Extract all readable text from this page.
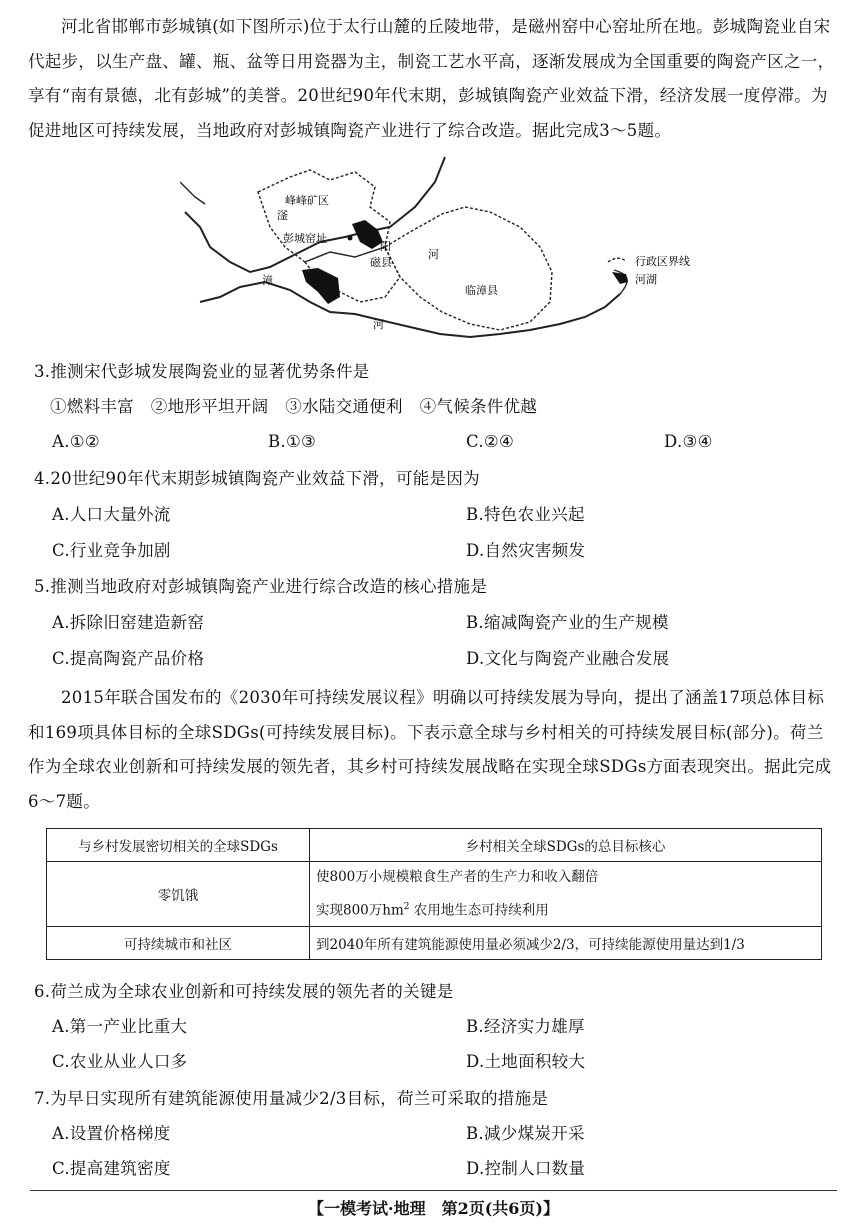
河北省邯郸市彭城镇(如下图所示)位于太行山麓的丘陵地带，是磁州窑中心窑址所在地。彭城陶瓷业自宋代起步，以生产盘、罐、瓶、盆等日用瓷器为主，制瓷工艺水平高，逐渐发展成为全国重要的陶瓷产区之一，享有“南有景德，北有彭城”的美誉。20世纪90年代末期，彭城镇陶瓷产业效益下滑，经济发展一度停滞。为促进地区可持续发展，当地政府对彭城镇陶瓷产业进行了综合改造。据此完成3～5题。

峰峰矿区
彭城窑址
磁县
临漳县
滏
阳
河
漳
河
行政区界线
河湖

3.推测宋代彭城发展陶瓷业的显著优势条件是

①燃料丰富　②地形平坦开阔　③水陆交通便利　④气候条件优越

A.①②	B.①③	C.②④	D.③④

4.20世纪90年代末期彭城镇陶瓷产业效益下滑，可能是因为

A.人口大量外流	B.特色农业兴起

C.行业竞争加剧	D.自然灾害频发

5.推测当地政府对彭城镇陶瓷产业进行综合改造的核心措施是

A.拆除旧窑建造新窑	B.缩减陶瓷产业的生产规模

C.提高陶瓷产品价格	D.文化与陶瓷产业融合发展

2015年联合国发布的《2030年可持续发展议程》明确以可持续发展为导向，提出了涵盖17项总体目标和169项具体目标的全球SDGs(可持续发展目标)。下表示意全球与乡村相关的可持续发展目标(部分)。荷兰作为全球农业创新和可持续发展的领先者，其乡村可持续发展战略在实现全球SDGs方面表现突出。据此完成6～7题。

与乡村发展密切相关的全球SDGs	乡村相关全球SDGs的总目标核心
零饥饿	使800万小规模粮食生产者的生产力和收入翻倍
实现800万$hm^2$ 农用地生态可持续利用

可持续城市和社区	到2040年所有建筑能源使用量必须减少2/3，可持续能源使用量达到1/3

6.荷兰成为全球农业创新和可持续发展的领先者的关键是

A.第一产业比重大	B.经济实力雄厚

C.农业从业人口多	D.土地面积较大

7.为早日实现所有建筑能源使用量减少2/3目标，荷兰可采取的措施是

A.设置价格梯度	B.减少煤炭开采

C.提高建筑密度	D.控制人口数量

【一模考试·地理　第2页(共6页)】
